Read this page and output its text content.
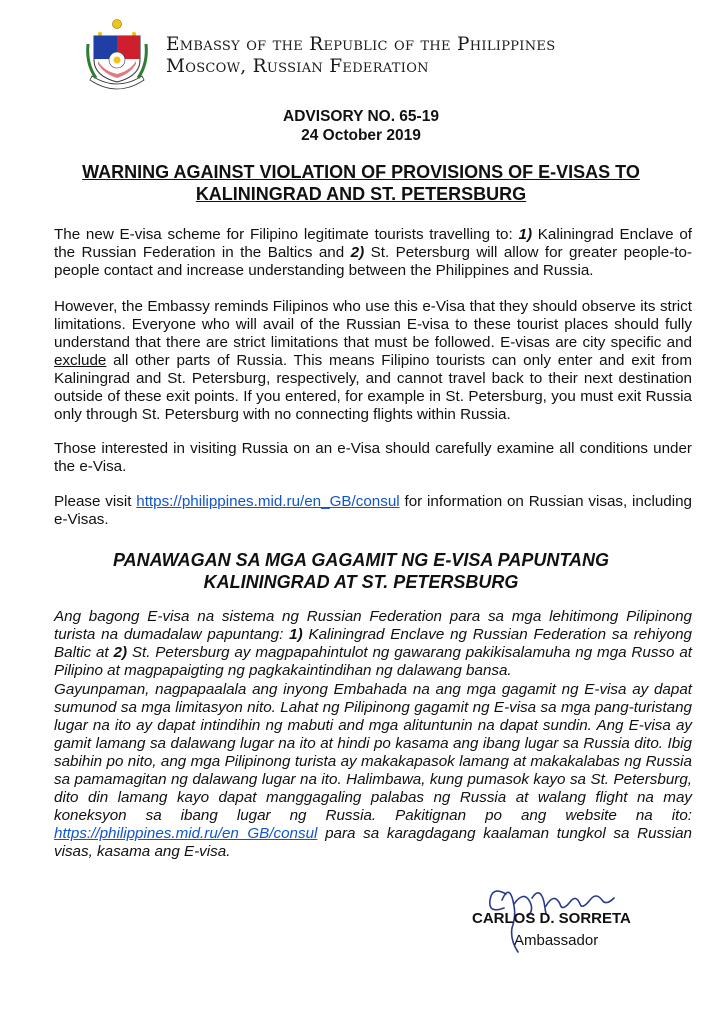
Embassy of the Republic of the Philippines
Moscow, Russian Federation
ADVISORY NO. 65-19
24 October 2019
WARNING AGAINST VIOLATION OF PROVISIONS OF E-VISAS TO
KALININGRAD AND ST. PETERSBURG

The new E-visa scheme for Filipino legitimate tourists travelling to: 1) Kaliningrad Enclave of the Russian Federation in the Baltics and 2) St. Petersburg will allow for greater people-to-people contact and increase understanding between the Philippines and Russia.

However, the Embassy reminds Filipinos who use this e-Visa that they should observe its strict limitations. Everyone who will avail of the Russian E-visa to these tourist places should fully understand that there are strict limitations that must be followed. E-visas are city specific and exclude all other parts of Russia. This means Filipino tourists can only enter and exit from Kaliningrad and St. Petersburg, respectively, and cannot travel back to their next destination outside of these exit points. If you entered, for example in St. Petersburg, you must exit Russia only through St. Petersburg with no connecting flights within Russia.

Those interested in visiting Russia on an e-Visa should carefully examine all conditions under the e-Visa.

Please visit https://philippines.mid.ru/en_GB/consul for information on Russian visas, including e-Visas.

PANAWAGAN SA MGA GAGAMIT NG E-VISA PAPUNTANG
KALININGRAD AT ST. PETERSBURG

Ang bagong E-visa na sistema ng Russian Federation para sa mga lehitimong Pilipinong turista na dumadalaw papuntang: 1) Kaliningrad Enclave ng Russian Federation sa rehiyong Baltic at 2) St. Petersburg ay magpapahintulot ng gawarang pakikisalamuha ng mga Russo at Pilipino at magpapaigting ng pagkakaintindihan ng dalawang bansa.

Gayunpaman, nagpapaalala ang inyong Embahada na ang mga gagamit ng E-visa ay dapat sumunod sa mga limitasyon nito. Lahat ng Pilipinong gagamit ng E-visa sa mga pang-turistang lugar na ito ay dapat intindihin ng mabuti and mga alituntunin na dapat sundin. Ang E-visa ay gamit lamang sa dalawang lugar na ito at hindi po kasama ang ibang lugar sa Russia dito. Ibig sabihin po nito, ang mga Pilipinong turista ay makakapasok lamang at makakalabas ng Russia sa pamamagitan ng dalawang lugar na ito. Halimbawa, kung pumasok kayo sa St. Petersburg, dito din lamang kayo dapat manggagaling palabas ng Russia at walang flight na may koneksyon sa ibang lugar ng Russia. Pakitignan po ang website na ito: https://philippines.mid.ru/en_GB/consul para sa karagdagang kaalaman tungkol sa Russian visas, kasama ang E-visa.

CARLOS D. SORRETA
Ambassador
